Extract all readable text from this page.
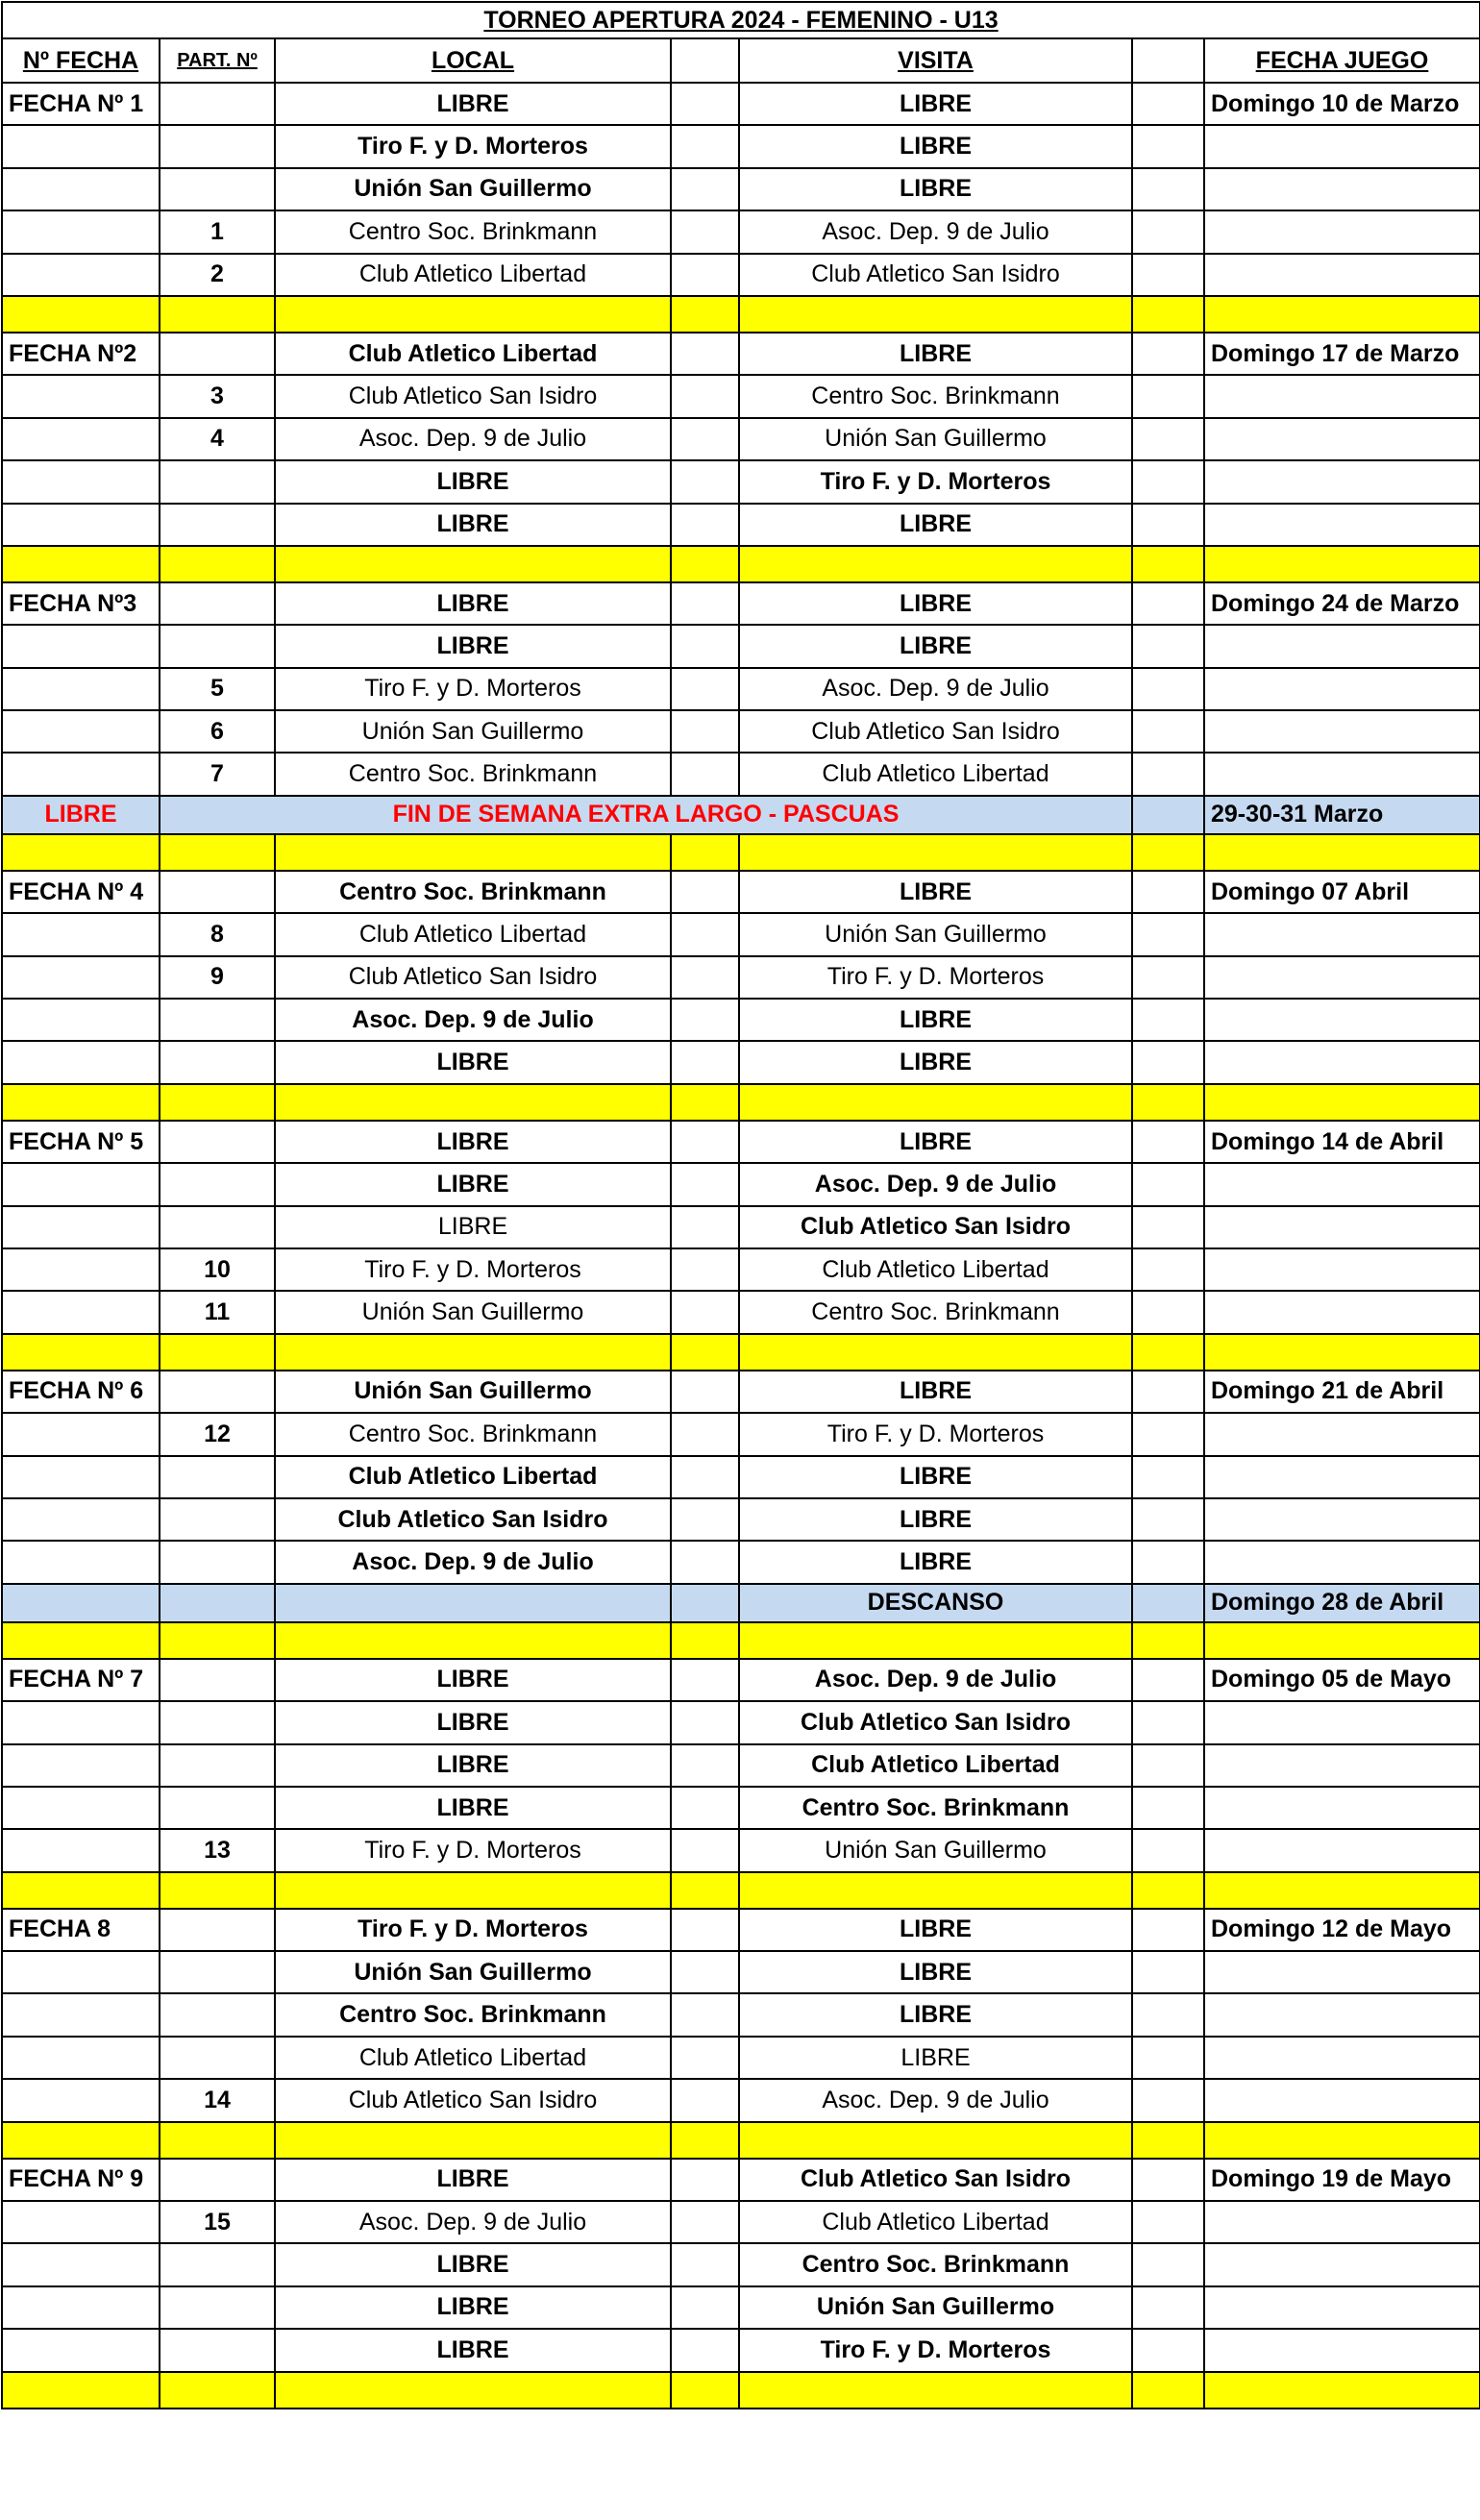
TORNEO APERTURA 2024 - FEMENINO - U13						
Nº FECHA	PART. Nº	LOCAL		VISITA		FECHA JUEGO
FECHA Nº 1		LIBRE		LIBRE		Domingo 10 de Marzo
		Tiro F. y D. Morteros		LIBRE		
		Unión San Guillermo		LIBRE		
	1	Centro Soc. Brinkmann		Asoc. Dep. 9 de Julio		
	2	Club Atletico Libertad		Club Atletico San Isidro		

FECHA Nº2		Club Atletico Libertad		LIBRE		Domingo 17 de Marzo
	3	Club Atletico San Isidro		Centro Soc. Brinkmann		
	4	Asoc. Dep. 9 de Julio		Unión San Guillermo		
		LIBRE		Tiro F. y D. Morteros		
		LIBRE		LIBRE		

FECHA Nº3		LIBRE		LIBRE		Domingo 24 de Marzo
		LIBRE		LIBRE		
	5	Tiro F. y D. Morteros		Asoc. Dep. 9 de Julio		
	6	Unión San Guillermo		Club Atletico San Isidro		
	7	Centro Soc. Brinkmann		Club Atletico Libertad		
LIBRE	FIN DE SEMANA EXTRA LARGO - PASCUAS					29-30-31 Marzo

FECHA Nº 4		Centro Soc. Brinkmann		LIBRE		Domingo 07 Abril
	8	Club Atletico Libertad		Unión San Guillermo		
	9	Club Atletico San Isidro		Tiro F. y D. Morteros		
		Asoc. Dep. 9 de Julio		LIBRE		
		LIBRE		LIBRE		

FECHA Nº 5		LIBRE		LIBRE		Domingo 14 de Abril
		LIBRE		Asoc. Dep. 9 de Julio		
		LIBRE		Club Atletico San Isidro		
	10	Tiro F. y D. Morteros		Club Atletico Libertad		
	11	Unión San Guillermo		Centro Soc. Brinkmann		

FECHA Nº 6		Unión San Guillermo		LIBRE		Domingo 21 de Abril
	12	Centro Soc. Brinkmann		Tiro F. y D. Morteros		
		Club Atletico Libertad		LIBRE		
		Club Atletico San Isidro		LIBRE		
		Asoc. Dep. 9 de Julio		LIBRE		
				DESCANSO		Domingo 28 de Abril

FECHA Nº 7		LIBRE		Asoc. Dep. 9 de Julio		Domingo 05 de Mayo
		LIBRE		Club Atletico San Isidro		
		LIBRE		Club Atletico Libertad		
		LIBRE		Centro Soc. Brinkmann		
	13	Tiro F. y D. Morteros		Unión San Guillermo		

FECHA 8		Tiro F. y D. Morteros		LIBRE		Domingo 12 de Mayo
		Unión San Guillermo		LIBRE		
		Centro Soc. Brinkmann		LIBRE		
		Club Atletico Libertad		LIBRE		
	14	Club Atletico San Isidro		Asoc. Dep. 9 de Julio		

FECHA Nº 9		LIBRE		Club Atletico San Isidro		Domingo 19 de Mayo
	15	Asoc. Dep. 9 de Julio		Club Atletico Libertad		
		LIBRE		Centro Soc. Brinkmann		
		LIBRE		Unión San Guillermo		
		LIBRE		Tiro F. y D. Morteros		
